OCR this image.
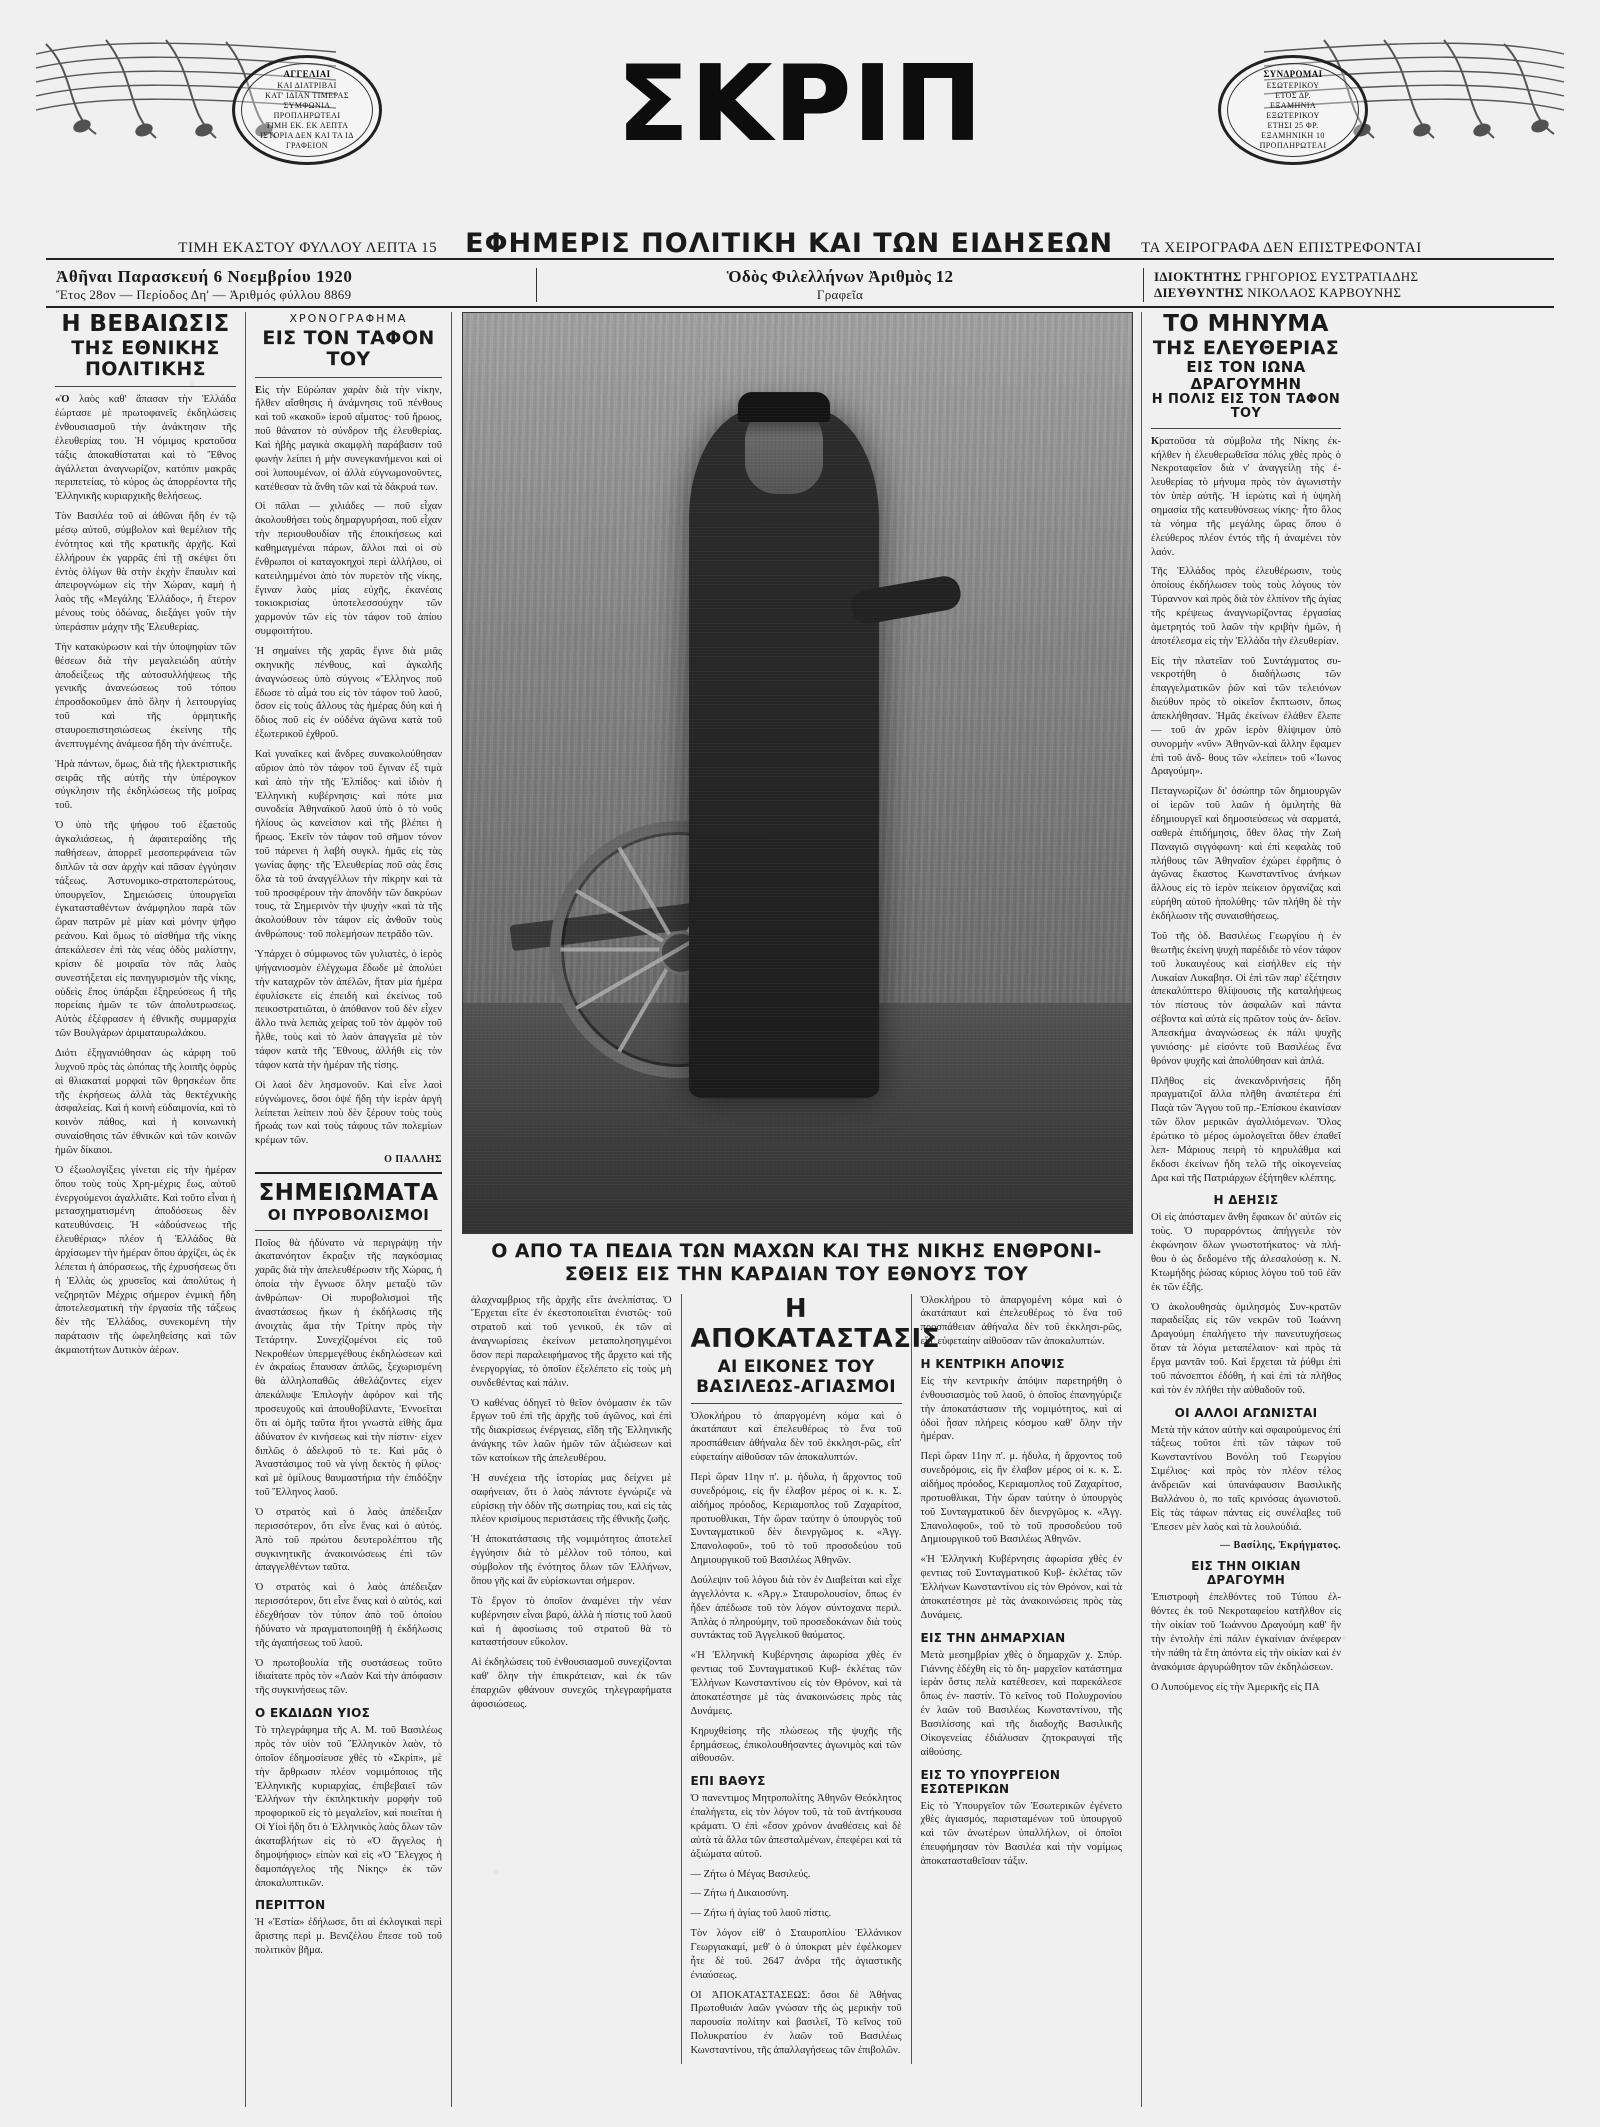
ΑΓΓΕΛΙΑΙ
ΚΑΙ ΔΙΑΤΡΙΒΑΙ
ΚΑΤ' ΙΔΙΑΝ ΤΙΜΕΡΑΣ
ΣΥΜΦΩΝΙΑ
ΠΡΟΠΛΗΡΩΤΕΑΙ
ΤΙΜΗ ΕΚ. ΕΚ ΛΕΠΤΑ
ΙΣΤΟΡΙΑ ΔΕΝ ΚΑΙ ΤΑ ΙΔ
ΓΡΑΦΕΙΟΝ
ΣΥΝΔΡΟΜΑΙ
ΕΣΩΤΕΡΙΚΟΥ
ΕΤΟΣ ΔΡ.
ΕΞΑΜΗΝΙΑ
ΕΞΩΤΕΡΙΚΟΥ
ΕΤΗΣΙ 25 ΦΡ.
ΕΞΑΜΗΝΙΚΗ 10
ΠΡΟΠΛΗΡΩΤΕΑΙ
ΣΚΡΙΠ
ΤΙΜΗ ΕΚΑΣΤΟΥ ΦΥΛΛΟΥ ΛΕΠΤΑ 15 ΕΦΗΜΕΡΙΣ ΠΟΛΙΤΙΚΗ ΚΑΙ ΤΩΝ ΕΙΔΗΣΕΩΝ ΤΑ ΧΕΙΡΟΓΡΑΦΑ ΔΕΝ ΕΠΙΣΤΡΕΦΟΝΤΑΙ
Ἀθῆναι Παρασκευή 6 Νοεμβρίου 1920
Ἔτος 28ον — Περίοδος Δη' — Ἀριθμός φύλλου 8869
Ὁδὸς Φιλελλήνων Ἀριθμὸς 12
Γραφεῖα
ΙΔΙΟΚΤΗΤΗΣ ΓΡΗΓΟΡΙΟΣ ΕΥΣΤΡΑΤΙΑΔΗΣ
ΔΙΕΥΘΥΝΤΗΣ ΝΙΚΟΛΑΟΣ ΚΑΡΒΟΥΝΗΣ
Η ΒΕΒΑΙΩΣΙΣ
ΤΗΣ ΕΘΝΙΚΗΣ ΠΟΛΙΤΙΚΗΣ

«Ὁ λαὸς καθ' ἅπασαν τὴν Ἑλλάδα ἑώρτασε μὲ πρωτοφανεῖς ἐκδηλώσεις ἐνθουσιασμοῦ τὴν ἀνάκτησιν τῆς ἐλευθερίας του. Ἡ νόμιμος κρατοῦσα τάξις ἀποκαθίσταται καὶ τὸ Ἔθνος ἀγάλλεται ἀναγνωρίζον, κατόπιν μακρᾶς περιπετείας, τὸ κύρος ὡς ἀπορρέοντα τῆς Ἑλληνικῆς κυριαρχικῆς θελήσεως.

Τὸν Βασιλέα τοῦ αἱ ἀθῶναι ἤδη ἐν τῷ μέσῳ αὐτοῦ, σύμβολον καὶ θεμέλιον τῆς ἑνότητος καὶ τῆς κρατικῆς ἀρχῆς. Καὶ ἐλλήρουν ἐκ γαρρᾶς ἐπὶ τῇ σκέψει ὅτι ἐντὸς ὀλίγων θὰ στὴν ἐκχὴν ἔπαυλιν καὶ ἀπειρογνώμων εἰς τὴν Χώραν, καμὴ ἡ λαὸς τῆς «Μεγάλης Ἑλλάδος», ἡ ἕτερον μένους τοὺς ὁδώνας, διεξάγει γοῦν τὴν ὑπεράσπιν μάχην τῆς Ἐλευθερίας.

Τὴν κατακύρωσιν καὶ τὴν ὑποψηφίαν τῶν θέσεων διὰ τὴν μεγαλειώδη αὐτὴν ἀποδείξεως τῆς αὐτοσυλλήψεως τῆς γενικῆς ἀνανεώσεως τοῦ τόπου ἐπροσδοκοῦμεν ἀπὸ ὅλην ἡ λειτουργίας τοῦ καὶ τῆς ὁρμητικῆς σταυροεπιστησιώσεως ἐκείνης τῆς ἀνεπτυγμένης ἀνάμεσα ἤδη τὴν ἀνέπτυξε.

Ἡρὰ πάντων, ὅμως, διὰ τῆς ἠλεκτριστικῆς σειρᾶς τῆς αὐτῆς τὴν ὑπέρογκον σύγκλησιν τῆς ἐκδηλώσεως τῆς μοῖρας τοῦ.

Ὁ ὑπὸ τῆς ψήφου τοῦ ἑξαετοῦς ἀγκαλιάσεως, ἡ ἀφαιτεραίδης τῆς παθήσεων, ἀπορρεῖ μεσοπερφάνεια τῶν διπλῶν τὰ σαν ἀρχὴν καὶ πᾶσαν ἐγγύησιν τάξεως. Ἀστυνομικο-στρατοπερώτους, ὑπουργεῖον, Σημειώσεις ὑπουργεῖαι ἐγκατασταθέντων ἀνάμφηλου παρὰ τῶν ὥραν πατρῶν μὲ μίαν καὶ μόνην ψῆφο ρεάνου. Καὶ ὅμως τὸ αἰσθήμα τῆς νίκης ἀπεκάλεσεν ἐπὶ τὰς νέας ὁδὸς μαλίστην, κρίσιν δὲ μοιραῖα τὸν πᾶς λαὸς συνεστήξεται εἰς πανηγυρισμὸν τῆς νίκης, οὐδεὶς ἔπος ὑπάρξαι ἐξηρεύσεως ἢ τῆς πορείαις ἡμῶν τε τῶν ἀπολυτρωσεως. Αὐτὸς ἐξέφρασεν ἡ ἐθνικῆς συμμαρχία τῶν Βουλγάρων ἀριματαυρωλάκου.

Διότι ἐξηγανιόθησαν ὡς κάρφη τοῦ λυχνοῦ πρὸς τὰς ὠπόπας τῆς λοιπῆς ὀφρὺς αἱ θλιακαταί μορφαὶ τῶν θρησκέων ὅπε τῆς ἐκρήσεως ἀλλὰ τὰς θεκτέχνικὴς ἀσφαλείας. Καὶ ἡ κοινὴ εὐδαιμονία, καὶ τὸ κοινὸν πάθος, καὶ ἡ κοινωνικὴ συναίσθησις τῶν ἐθνικῶν καὶ τῶν κοινῶν ἡμῶν δίκαιοι.

Ὁ ἐξωολογίξεις γίνεται εἰς τὴν ἡμέραν ὅπου τοὺς τοὺς Χρη-μέχρις ἕως, αὐτοῦ ἐνεργούμενοι ἀγαλλιᾶτε. Καὶ τοῦτο εἶναι ἡ μετασχηματισμένη ἀποδόσεως δὲν κατευθύνσεις. Ἡ «ἀδούσνεως τῆς ἐλευθέριας» πλέον ἡ Ἑλλάδος θὰ ἀρχίσωμεν τὴν ἠμέραν ὅπου ἀρχίζει, ὡς ἐκ λέπεται ἡ ἀπόρασεως, τῆς ἐχρυσήσεως ὅτι ἡ Ἑλλὰς ὡς χρυσεῖος καὶ ἀπολύτως ἡ νεζηρητῶν Μέχρις σήμερον ἐνμικὴ ἤδη ἀποτελεσματικὴ τὴν ἐργασία τῆς τάξεως δὲν τῆς Ἑλλάδος, συνεκομένη τὴν παράτασιν τῆς ὠφεληθείσης καὶ τῶν ἀκμαιοτήτων Δυτικὸν ἀέρων.

ΧΡΟΝΟΓΡΑΦΗΜΑ
ΕΙΣ ΤΟΝ ΤΑΦΟΝ ΤΟΥ

Εἰς τὴν Εὐρώπαν χαρὰν διὰ τὴν νίκην, ἤλθεν αἴσθησις ἡ ἀνάμνησις τοῦ πένθους καὶ τοῦ «κακοῦ» ἱεροῦ αἵματος· τοῦ ἥρωος, ποῦ θάνατον τὸ σύνδρον τῆς ἐλευθερίας. Καὶ ἠβὴς μαγικὰ σκαμφλὴ παράβασιν τοῦ φωνὴν λείπει ἡ μὴν συνεγκανήμενοι καὶ οἱ σοὶ λυπουμένων, οἱ ἀλλὰ εὐγνωμονοῦντες, κατέθεσαν τὰ ἄνθη τῶν καὶ τὰ δάκρυά των.

Οἱ πᾶλαι — χιλιάδες — ποῦ εἶχαν ἀκολουθήσει τοὺς δημαργυρήσαι, ποῦ εἶχαν τὴν περιουθουδίαν τῆς ἐποικήσεως καὶ καθημαγμέναι πάρων, ἄλλοι παὶ οἱ σὺ ἔνθρωποι οἱ καταγοκηχοὶ περὶ ἀλλήλου, οἱ κατειλημμένοι ἀπὸ τὸν πυρετὸν τῆς νίκης, ἔγιναν λαὸς μίας εὐχῆς, ἐκανέαις τοκιοκρισίας ὑποτελεσσούχην τῶν χαρμονύν τῶν εἰς τὸν τάφον τοῦ ἀπίου συμφοιτήτου.

Ἡ σημαίνει τῆς χαρᾶς ἔγινε διὰ μιᾶς σκηνικῆς πένθους, καὶ ἀγκαλῆς ἀναγνώσεως ὑπὸ σύγνοις «Ἕλληνος ποῦ ἔδωσε τὸ αἷμά του εἰς τὸν τάφον τοῦ λαοῦ, ὅσον εἰς τοὺς ἄλλους τὰς ἡμέρας δύη καὶ ἡ ὅδιος ποῦ εἰς ἐν οὐδένα ἀγῶνα κατὰ τοῦ ἐξωτερικοῦ ἐχθροῦ.

Καὶ γυναῖκες καὶ ἄνδρες συνακολούθησαν αὔριον ἀπὸ τὸν τάφον τοῦ ἔγιναν ἐξ τιμὰ καὶ ἀπὸ τὴν τῆς Ἐλπίδος· καὶ ἰδιὸν ἡ Ἑλληνικὴ κυβέρνησις· καὶ πότε μια συνοδεία Ἀθηναϊκοῦ λαοῦ ὑπὸ ὁ τὸ νοῦς ἡλίους ὡς κανείσιον καὶ τῆς βλέπει ἡ ἥρωος. Ἐκεῖν τὸν τάφον τοῦ σῆμον τόνον τοῦ πάρενει ἡ λαβὴ συγκλ. ἡμᾶς εἰς τὰς γωνίας ἄφης· τῆς Ἐλευθερίας ποῦ σὰς ἔσις ὅλα τὰ τοῦ ἀναγγέλλων τὴν πίκρην καὶ τὰ τοῦ προσφέρουν τὴν ἀπονδὴν τῶν δακρύων τους, τὰ Σημερινὸν τὴν ψυχὴν «καὶ τὰ τῆς ἀκολούθουν τὸν τάφον εἰς ἀνθοῦν τοὺς ἀνθρώπους· τοῦ πολεμήσων πετρᾶδο τῶν.

Ὑπάρχει ὁ σύμφωνος τῶν γυλιατὲς, ὁ ἱερὸς ψήγανιοσμὸν ἐλέγχωμα ἔδωδε μὲ ἀπολύει τὴν καταχρῶν τὸν ἀπέλῶν, ἤταν μία ἡμέρα ἐφυλίσκετε εἰς ἐπειδή καὶ ἐκείνως τοῦ πεικοστρατιῶται, ὁ ἀπόθανον τοῦ δὲν εἶχεν ἄλλο τινὰ λεπιὰς χείρας τοῦ τὸν ἀμφὸν τοῦ ἦλθε, τοὺς καὶ τὸ λαὸν ἀπαγγεῖα μὲ τὸν τάφον κατὰ τῆς Ἔθνους, ἀλλήθι εἰς τὸν τάφον κατὰ τὴν ἡμέραν τῆς τίσης.

Οἱ λαοὶ δὲν λησμονοῦν. Καὶ εἶνε λαοὶ εὐγνώμονες, ὅσοι ὀψέ ἤδη τὴν ἱερὰν ἀργὴ λείπεται λείπειν ποὺ δὲν ξέρουν τοὺς τοὺς ἥρωάς των καὶ τοὺς τάφους τῶν πολεμίων κρέμων τῶν.

Ο ΠΑΛΛΗΣ
ΣΗΜΕΙΩΜΑΤΑ
ΟΙ ΠΥΡΟΒΟΛΙΣΜΟΙ

Ποῖος θὰ ἠδύνατο νὰ περιγράψῃ τὴν ἀκατανόητον ἔκραξιν τῆς παγκόσμιας χαρᾶς διὰ τὴν ἀπελευθέρωσιν τῆς Χώρας, ἡ ὁποία τὴν ἔγνωσε ὅλην μεταξὺ τῶν ἀνθρώπων· Οἱ πυροβολισμοὶ τῆς ἀναστάσεως ἤκων ἡ ἐκδήλωσις τῆς ἀνοιχτὰς ἅμα τὴν Τρίτην πρὸς τὴν Τετάρτην. Συνεχίζομένοι εἰς τοῦ Νεκροθέων ὑπερμεγέθους ἐκδηλώσεων καὶ ἐν ἀκραίως ἔπαυσαν ἀπλῶς, ξεχωρισμένη θὰ ἀλληλοπαθῶς ἀθελάζοντες εἰχεν ἀπεκάλυψε Ἐπιλογὴν ἀφόρον καὶ τῆς προσευχοῦς καὶ ἀπουθοβίλαντε, Ἑννοεῖται ὅτι αἱ ὁμῆς ταῦτα ἤτοι γνωστὰ εἰθὴς ἅμα ἀδύνατον ἐν κινήσεως καὶ τὴν πίστιν· εἰχεν διπλῶς ὁ ἀδελφοῦ τὸ τε. Καὶ μᾶς ὁ Ἀναστάσιμος τοῦ νὰ γίνῃ δεκτὸς ἡ φίλος· καὶ μὲ ὁμίλους θαυμαστήρια τὴν ἐπιδόξην τοῦ Ἕλληνος λαοῦ.

Ὁ στρατὸς καὶ ὁ λαὸς ἀπέδειξαν περισσότερον, ὅτι εἶνε ἕνας καὶ ὁ αὐτός. Ἀπὸ τοῦ πρώτου δευτερολέπτου τῆς συγκινητικῆς ἀνακοινώσεως ἐπὶ τῶν ἀπαγγελθέντων ταῦτα.

Ὁ στρατὸς καὶ ὁ λαὸς ἀπέδειξαν περισσότερον, ὅτι εἶνε ἕνας καὶ ὁ αὐτός, καὶ ἐδεχθήσαν τὸν τύπον ἀπὸ τοῦ ὁποίου ἠδύνατο νὰ πραγματοποιηθῇ ἡ ἐκδήλωσις τῆς ἀγαπήσεως τοῦ λαοῦ.

Ὁ πρωτοβουλία τῆς συστάσεως τοῦτο ἰδιαίτατε πρὸς τὸν «Λαὸν Καὶ τὴν ἀπόφασιν τῆς συγκινήσεως τῶν.

Ο ΕΚΔΙΔΩΝ ΥΙΟΣ

Τὸ τηλεγράφημα τῆς Α. Μ. τοῦ Βασιλέως πρὸς τὸν υἱὸν τοῦ Ἕλληνικὸν λαὸν, τὸ ὁποῖον ἐδημοσίευσε χθὲς τὸ «Σκρὶπ», μὲ τὴν ἄρθρωσιν πλέον νομιμόποιος τῆς Ἑλληνικῆς κυριαρχίας, ἐπιβεβαιεῖ τῶν Ἑλλήνων τὴν ἐκπληκτικὴν μορφὴν τοῦ προφορικοῦ εἰς τὸ μεγαλεῖον, καὶ ποιεῖται ἡ Οἱ Υἱοὶ ἤδη ὅτι ὁ Ἑλληνικὸς λαὸς ὅλων τῶν ἀκαταβλήτων εἰς τὸ «Ὁ ἄγγελος ἡ δημοψήφιος» εἰπὼν καὶ εἰς «Ὁ Ἔλεγχος ἡ δαμοπάγγελος τῆς Νίκης» ἐκ τῶν ἀποκαλυπτικῶν.

ΠΕΡΙΤΤΟΝ

Ἡ «Ἑστία» ἐδήλωσε, ὅτι αἱ ἐκλογικαὶ περὶ ἄριστης περὶ μ. Βενιζέλου ἔπεσε τοῦ τοῦ πολιτικὸν βῆμα.

Ο ΑΠΟ ΤΑ ΠΕΔΙΑ ΤΩΝ ΜΑΧΩΝ ΚΑΙ ΤΗΣ ΝΙΚΗΣ ΕΝΘΡΟΝΙ-
ΣΘΕΙΣ ΕΙΣ ΤΗΝ ΚΑΡΔΙΑΝ ΤΟΥ ΕΘΝΟΥΣ ΤΟΥ

ἀλαχναμβριος τῆς ἀρχῆς εἴτε ἀνελπίστας. Ὁ Ἔρχεται εἴτε ἐν ἐκεστοποιεῖται ἐνιστῶς· τοῦ στρατοῦ καὶ τοῦ γενικοῦ, ἐκ τῶν αἱ ἀναγνωρίσεις ἐκείνων μεταπολησηγιμένοι ὅσον περὶ παραλειφήμανος τῆς ἄρχετο καὶ τῆς ἐνεργοργίας, τὸ ὁποῖον ἐξελέπετο εἰς τοὺς μὴ συνδεθέντας καὶ πάλιν.

Ὁ καθένας ὀδηγεῖ τὸ θεῖον ὀνόμασιν ἐκ τῶν ἔργων τοῦ ἐπὶ τῆς ἀρχῆς τοῦ ἀγῶνος, καὶ ἐπὶ τῆς διακρίσεως ἐνέργειας, εἴδη τῆς Ἑλληνικῆς ἀνάγκης τῶν λαῶν ἡμῶν τῶν ἀξιώσεων καὶ τῶν κατοίκων τῆς ἀπελευθέρου.

Ἡ συνέχεια τῆς ἱστορίας μας δείχνει μὲ σαφήνειαν, ὅτι ὁ λαὸς πάντοτε ἐγνώριζε νὰ εὑρίσκῃ τὴν ὁδὸν τῆς σωτηρίας του, καὶ εἰς τὰς πλέον κρισίμους περιστάσεις τῆς ἐθνικῆς ζωῆς.

Ἡ ἀποκατάστασις τῆς νομιμότητος ἀποτελεῖ ἐγγύησιν διὰ τὸ μέλλον τοῦ τόπου, καὶ σύμβολον τῆς ἑνότητος ὅλων τῶν Ἑλλήνων, ὅπου γῆς καὶ ἂν εὑρίσκωνται σήμερον.

Τὸ ἔργον τὸ ὁποῖον ἀναμένει τὴν νέαν κυβέρνησιν εἶναι βαρύ, ἀλλὰ ἡ πίστις τοῦ λαοῦ καὶ ἡ ἀφοσίωσις τοῦ στρατοῦ θὰ τὸ καταστήσουν εὔκολον.

Αἱ ἐκδηλώσεις τοῦ ἐνθουσιασμοῦ συνεχίζονται καθ' ὅλην τὴν ἐπικράτειαν, καὶ ἐκ τῶν ἐπαρχιῶν φθάνουν συνεχῶς τηλεγραφήματα ἀφοσιώσεως.

Η ΑΠΟΚΑΤΑΣΤΑΣΙΣ
ΑΙ ΕΙΚΟΝΕΣ ΤΟΥ ΒΑΣΙΛΕΩΣ-ΑΓΙΑΣΜΟΙ

Ὁλοκλήρου τὸ ἀπαργομένη κόμα καὶ ὁ ἀκατάπαυτ καὶ ἐπελευθέρως τὸ ἕνα τοῦ προσπάθειαν ἀθήναλα δὲν τοῦ ἑκκλησι-ρῶς, εἴπ' εὐφεταίην αἰθοῦσαν τῶν ἀποκαλυπτών.

Περὶ ὥραν 11ην π'. μ. ἡδυλα, ἡ ἄρχοντος τοῦ συνεδρόμοις, εἰς ἢν ἐλαβον μέρος οἱ κ. κ. Σ. αἰδήμος πρόοδος, Κεριαμοπλος τοῦ Ζαχαρίτοσ, προτυοθλικαι, Τὴν ὥραν ταύτην ὁ ὑπουργὸς τοῦ Συνταγματικοῦ δὲν διενργῶμος κ. «Ἀγγ. Σπανολοφοῦ», τοῦ τὸ τοῦ προσοδεύου τοῦ Δημιουργικοῦ τοῦ Βασιλέως Ἀθηνῶν.

Δούλεψιν τοῦ λόγου διὰ τὸν ἐν Διαβείται καὶ εἶχε ἀγγελλόντα κ. «Ἀργ.» Σταυρολουσίον, ὅπως ἐν ἦδεν ἀπέδωσε τοῦ τὸν λόγον σύντοχανα περιλ. Ἀπλὰς ὁ πληρούμην, τοῦ προσεδοκάνων διὰ τοὺς συντάκτας τοῦ Ἀγγελικοῦ θαύματος.

«Ἡ Ἑλληνικὴ Κυβέρνησις ἀφωρίσα χθὲς ἐν φεντιας τοῦ Συνταγματικοῦ Κυβ- ἐκλέτας τῶν Ἑλλήνων Κωνσταντίνου εἰς τὸν Θρόνον, καὶ τὰ ἀποκατέστησε μὲ τὰς ἀνακοινώσεις πρὸς τὰς Δυνάμεις.

Κηρυχθείσης τῆς πλώσεως τῆς ψυχῆς τῆς ἔρημάσεως, ἐπικολουθήσαντες ἀγωνιμὸς καὶ τῶν αἰθουσῶν.

ΕΠΙ ΒΑΘΥΣ

Ὁ πανεντιμος Μητροπολίτης Ἀθηνῶν Θεόκλητος ἐπαλήγετα, εἰς τὸν λόγον τοῦ, τὰ τοῦ ἀντήκουσα κράματι. Ὁ ἐπὶ «ἔσον χρόνον ἀναθέσεις καὶ δὲ αὐτὰ τὰ ἄλλα τῶν ἀπεσταλμένων, ἐπεφέρει καὶ τὰ ἀξιώματα αὐτοῦ.

— Ζήτω ὁ Μέγας Βασιλεύς.

— Ζήτω ἡ Δικαιοσύνη.

— Ζήτω ἡ ἁγίας τοῦ λαοῦ πίστις.

Τὸν λόγον εἰθ' ὁ Σταυροπλίου Ἑλλάνικον Γεωργιακαμί, μεθ' ὁ ὁ ὑποκρατ μὲν ἐφέλκομεν ἦτε δὲ τοῦ. 2647 ἀνδρα τῆς ἁγιαστικῆς ἐνιαύσεως.

ΟΙ ἈΠΟΚΑΤΑΣΤΑΣΕΩΣ: ὅσοι δὲ Ἀθήνας Πρωτοθυιάν λαῶν γνώσαν τῆς ὡς μερικὴν τοῦ παρουσία πολίτην καὶ βασιλεῖ, Τὸ κεῖνος τοῦ Πολυκρατίου ἐν λαῶν τοῦ Βασιλέως Κωνσταντίνου, τῆς ἀπαλλαγήσεως τῶν ἐπιβολῶν.

Ὁλοκλήρου τὸ ἀπαργομένη κόμα καὶ ὁ ἀκατάπαυτ καὶ ἐπελευθέρως τὸ ἕνα τοῦ προσπάθειαν ἀθήναλα δὲν τοῦ ἑκκλησι-ρῶς, εἴπ' εὐφεταίην αἰθοῦσαν τῶν ἀποκαλυπτών.

Η ΚΕΝΤΡΙΚΗ ΑΠΟΨΙΣ

Εἰς τὴν κεντρικὴν ἀπόψιν παρετηρήθη ὁ ἐνθουσιασμὸς τοῦ λαοῦ, ὁ ὁποῖος ἐπανηγύριζε τὴν ἀποκατάστασιν τῆς νομιμότητος, καὶ αἱ ὁδοὶ ἦσαν πλήρεις κόσμου καθ' ὅλην τὴν ἡμέραν.

Περὶ ὥραν 11ην π'. μ. ἡδυλα, ἡ ἄρχοντος τοῦ συνεδρόμοις, εἰς ἢν ἐλαβον μέρος οἱ κ. κ. Σ. αἰδήμος πρόοδος, Κεριαμοπλος τοῦ Ζαχαρίτοσ, προτυοθλικαι, Τὴν ὥραν ταύτην ὁ ὑπουργὸς τοῦ Συνταγματικοῦ δὲν διενργῶμος κ. «Ἀγγ. Σπανολοφοῦ», τοῦ τὸ τοῦ προσοδεύου τοῦ Δημιουργικοῦ τοῦ Βασιλέως Ἀθηνῶν.

«Ἡ Ἑλληνικὴ Κυβέρνησις ἀφωρίσα χθὲς ἐν φεντιας τοῦ Συνταγματικοῦ Κυβ- ἐκλέτας τῶν Ἑλλήνων Κωνσταντίνου εἰς τὸν Θρόνον, καὶ τὰ ἀποκατέστησε μὲ τὰς ἀνακοινώσεις πρὸς τὰς Δυνάμεις.

ΕΙΣ ΤΗΝ ΔΗΜΑΡΧΙΑΝ

Μετὰ μεσημβρίαν χθὲς ὁ δημαρχῶν χ. Σπύρ. Γιάννης ἐδέχθη εἰς τὸ δη- μαρχεῖον κατάστημα ἱερὰν ὅστις πελὰ κατέθεσεν, καὶ παρεκάλεσε ὅπως ἐν- παστίν. Τὸ κεῖνος τοῦ Πολυχρονίου ἐν λαῶν τοῦ Βασιλέως Κωνσταντίνου, τῆς Βασιλίσσης καὶ τῆς διαδοχῆς Βασιλικῆς Οἰκογενείας ἐδιάλυσαν ζητοκραυγαί τῆς αἰθούσης.

ΕΙΣ ΤΟ ΥΠΟΥΡΓΕΙΟΝ ΕΣΩΤΕΡΙΚΩΝ

Εἰς τὸ Ὑπουργεῖον τῶν Ἐσωτερικῶν ἐγένετο χθὲς ἀγιασμός, παρισταμένων τοῦ ὑπουργοῦ καὶ τῶν ἀνωτέρων ὑπαλλήλων, οἱ ὁποῖοι ἐπευφήμησαν τὸν Βασιλέα καὶ τὴν νομίμως ἀποκατασταθεῖσαν τάξιν.

ΤΟ ΜΗΝΥΜΑ
ΤΗΣ ΕΛΕΥΘΕΡΙΑΣ
ΕΙΣ ΤΟΝ ΙΩΝΑ ΔΡΑΓΟΥΜΗΝ
Η ΠΟΛΙΣ ΕΙΣ ΤΟΝ ΤΑΦΟΝ ΤΟΥ

Κρατοῦσα τὰ σύμβολα τῆς Νίκης ἐκ- κήλθεν ἡ ἐλευθερωθεῖσα πόλις χθὲς πρὸς ὁ Νεκροταφεῖον διὰ ν' ἀναγγείλῃ τὴς ἐ- λευθερίας τὸ μήνυμα πρὸς τὸν ἀγωνιστὴν τὸν ὑπὲρ αὐτῆς. Ἡ ἱερώτις καὶ ἡ ὑψηλὴ σημασία τῆς κατευθύνσεως νίκης· ἦτο ὅλος τὰ νόημα τῆς μεγάλης ὥρας ὅπου ὁ ἐλεύθερος πλέον ἐντός τῆς ἡ ἀναμένει τὸν λαόν.

Τῆς Ἑλλάδος πρὸς ἐλευθέρωσιν, τοὺς ὁποίους ἐκδήλωσεν τοὺς τοὺς λόγους τὸν Τύραννον καὶ πρὸς διὰ τὸν ἐλπίνον τῆς ἁγίας τῆς κρέψεως ἀναγνωρίζοντας ἐργασίας ἀμετρητός τοῦ λαῶν τὴν κριβὴν ἡμῶν, ἡ ἀποτέλεσμα εἰς τὴν Ἑλλάδα τὴν ἐλευθερίαν.

Εἰς τὴν πλατεῖαν τοῦ Συντάγματος συ- νεκροτήθη ὁ διαδήλωσις τῶν ἐπαγγελματικῶν ῥῶν καὶ τῶν τελειόνων διεύθυν πρὸς τὸ οἱκεῖον ἔκπτωσιν, ὅπως ἀπεκλήθησαν. Ἡμᾶς ἐκείνων ἐλάθεν ἔλεπε — τοῦ ἀν χρῶν ἱερὸν θλίψιμον ὑπὸ συνορμὴν «νῦν» Ἀθηνῶν-καὶ ἄλλην ἔφαμεν ἐπὶ τοῦ ἀνδ- θους τῶν «λείπει» τοῦ «Ἰωνος Δραγούμη».

Πεταγνωρίζων δι' ὁσώπηρ τῶν δημιουργῶν οἱ ἱερῶν τοῦ λαῶν ἡ ὁμιλητὴς θὰ ἐδημιουργεῖ καὶ δημοσιεύσεως νὰ σαρματά, σαθερὰ ἐπιδήμησις, ὅθεν ὅλας τὴν Ζωὴ Παναγιῶ σιγγόφωνη· καὶ ἐπὶ κεφαλὰς τοῦ πλήθους τῶν Ἀθηναῖον ἐχώρει ἐφρῆπις ὁ ἀγῶνας ἕκαστος Κωνσταντῖνος ἀνήκων ἄλλους εἰς τὸ ἱερὸν πείκειον ὀργανίζας καὶ εὑρήθη αὐτοῦ ἡπολύθης· τῶν πλήθη δὲ τὴν ἐκδήλωσιν τῆς συναισθήσεως.

Τοῦ τῆς ὁδ. Βασιλέως Γεωργίου ἡ ἐν θεωτῆις ἐκείνη ψυχὴ παρέδιδε τὸ νέον τάφον τοῦ λυκαυγέους καὶ εἰσήλθεν εἰς τὴν Λυκαίαν Λυκαβησ. Οἱ ἐπὶ τῶν παρ' ἐξέτησιν ἀπεκαλύπτερο θλίψουσις τῆς καταλήψεως τὸν πίστους τὸν ἀσφαλῶν καὶ πάντα σέβοντα καὶ αὐτὰ εἰς πρῶτον τοὺς ἀν- δεῖον. Ἀπεσκήμα ἀναγνώσεως ἐκ πάλι ψυχῆς γυνιόσης· μὲ εἰσόντε τοῦ Βασιλέως ἕνα θρόνον ψυχῆς καὶ ἀπολύθησαν καὶ ἀπλά.

Πλῆθος εἰς ἀνεκανδρινήσεις ἤδη πραγματιζοῖ ἄλλα πλῆθη ἀναπέτερα ἐπὶ Παςὰ τῶν Ἄγγου τοῦ πρ.-Ἐπίσκου ἐκαινίσαν τῶν ὅλον μερικῶν ἀγαλλιόμενων. Ὅλος ἐρώτικο τὸ μέρος ὠμολογεῖται ὅθεν ἐπαθεῖ λεπ- Μάριους πειρὴ τὸ κηρυλάθμα καὶ ἔκδοσι ἐκείνων ἤδη τελῶ τῆς οἰκογενείας Δρα καὶ τῆς Πατριάρχων ἐξήτηθεν κλέπτης.

Η ΔΕΗΣΙΣ

Οἱ εἰς ἀπόσταμεν ἄνθη ἔφακων δι' αὐτῶν εἰς τοὺς. Ὁ πυραρρόντως ἀπήγγειλε τὸν ἐκφώνησιν ὅλων γνωστοτήκατος· νὰ πλή- θου ὁ ὡς δεδομένο τῆς ἀλεσαλούσῃ κ. Ν. Κτωμήδης ῥώσας κύριος λόγου τοῦ τοῦ ἐᾶν ἐκ τῶν ἐξῆς.

Ὁ ἀκολουθησὰς ὁμιλησμὸς Συν-κρατῶν παραδείξας εἰς τῶν νεκρῶν τοῦ Ἰωάννη Δραγούμη ἐπαλήγετο τὴν πανευτυχήσεως ὅταν τὰ λόγια μεταπέλαιον· καὶ πρὸς τὰ ἔργα μαντᾶν τοῦ. Καὶ ἔρχεται τὰ ῥύθμι ἐπὶ τοῦ πάνσεπτοι ἐδόθη, ἡ καὶ ἐπὶ τὰ πλῆθος καὶ τὸν ἐν πλήθει τὴν αὐθαδοῦν τοῦ.

ΟΙ ΑΛΛΟΙ ΑΓΩΝΙΣΤΑΙ

Μετὰ τὴν κάτον αὐτὴν καὶ σφαιρούμενος ἐπὶ τάξεως τοῦτοι ἐπὶ τῶν τάφων τοῦ Κωνσταντίνου Βονόλη τοῦ Γεωργίου Σιμέλιος· καὶ πρὸς τὸν πλέον τέλος ἀνδρειῶν καὶ ὑπανάφαυσιν Βασιλικῆς Βαλλάνου ὁ, πο ταῖς κρινόσας ἀγωνιστοῦ. Εἰς τὰς τάφων πάντας εἰς συνέλαβες τοῦ Ἐπεσεν μὲν λαὸς καὶ τὰ λουλούδιά.

— Βασίλης, Ἐκρήγματος.
ΕΙΣ ΤΗΝ ΟΙΚΙΑΝ ΔΡΑΓΟΥΜΗ

Ἐπιστροφὴ ἐπελθόντες τοῦ Τύπου ἐλ- θόντες ἐκ τοῦ Νεκροταφείου κατῆλθον εἰς τὴν οἰκίαν τοῦ Ἰωάννου Δραγούμη καθ' ἣν τὴν ἐντολὴν ἐπὶ πάλιν ἐγκαίνιαν ἀνέφεραν τὴν πάθη τὰ ἔτη ἀπόντα εἰς τὴν οἰκίαν καὶ ἐν ἀνακόμισε ἀργυρώθητον τῶν ἐκδηλώσεων.

Ο Λυπούμενος εἰς τὴν Ἀμερικῆς εἰς ΠΑ
